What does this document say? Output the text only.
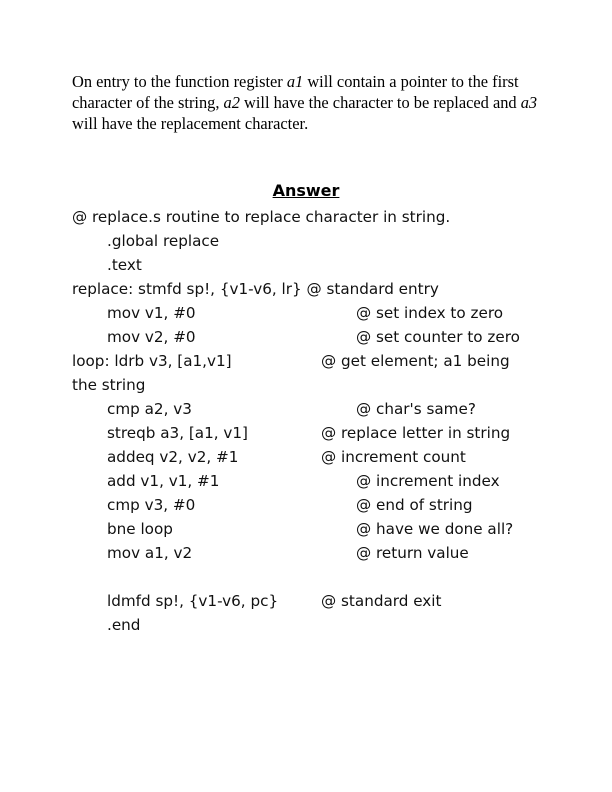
On entry to the function register a1 will contain a pointer to the first character of the string, a2 will have the character to be replaced and a3 will have the replacement character.
Answer
@ replace.s routine to replace character in string.
.global replace
.text
replace: stmfd sp!, {v1-v6, lr} @ standard entry
mov v1, #0	@ set index to zero
mov v2, #0	@ set counter to zero
loop: ldrb v3, [a1,v1]	@ get element; a1 being
the string
cmp a2, v3	@ char's same?
streqb a3, [a1, v1]	@ replace letter in string
addeq v2, v2, #1	@ increment count
add v1, v1, #1	@ increment index
cmp v3, #0	@ end of string
bne loop	@ have we done all?
mov a1, v2	@ return value
ldmfd sp!, {v1-v6, pc}	@ standard exit
.end
